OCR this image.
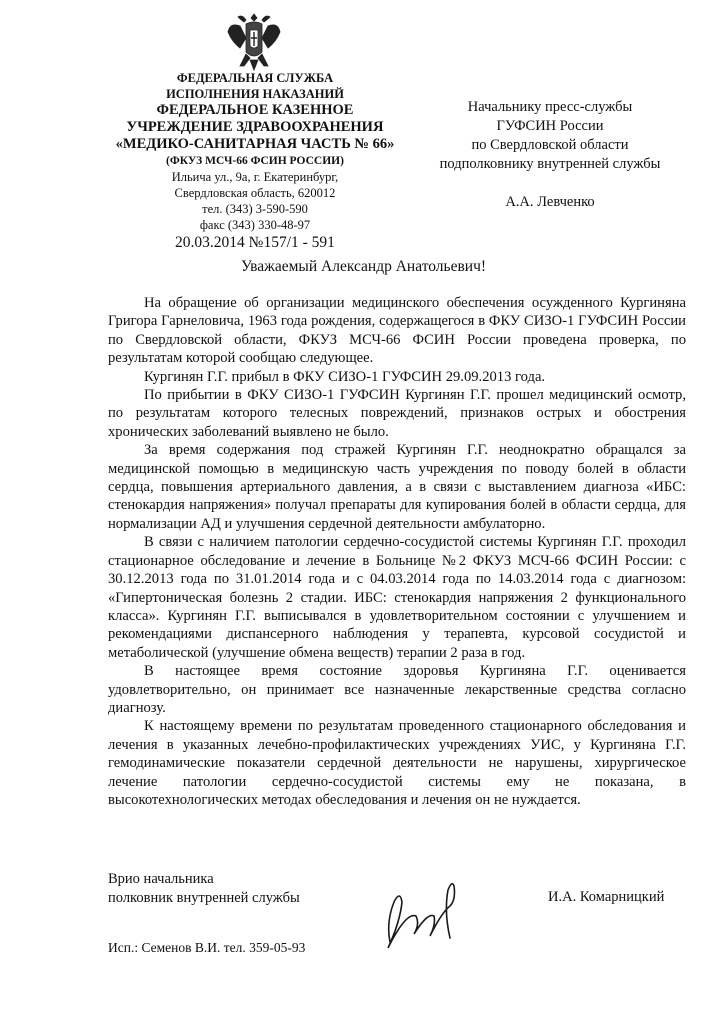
ФЕДЕРАЛЬНАЯ СЛУЖБА
ИСПОЛНЕНИЯ НАКАЗАНИЙ
ФЕДЕРАЛЬНОЕ КАЗЕННОЕ
УЧРЕЖДЕНИЕ ЗДРАВООХРАНЕНИЯ
«МЕДИКО-САНИТАРНАЯ ЧАСТЬ № 66»
(ФКУЗ МСЧ-66 ФСИН РОССИИ)
Ильича ул., 9а, г. Екатеринбург,
Свердловская область, 620012
тел. (343) 3-590-590
факс (343) 330-48-97
20.03.2014 №157/1 - 591
Начальнику пресс-службы
ГУФСИН России
по Свердловской области
подполковнику внутренней службы
А.А. Левченко
Уважаемый Александр Анатольевич!

На обращение об организации медицинского обеспечения осужденного Кургиняна Григора Гарнеловича, 1963 года рождения, содержащегося в ФКУ СИЗО-1 ГУФСИН России по Свердловской области, ФКУЗ МСЧ-66 ФСИН России проведена проверка, по результатам которой сообщаю следующее.

Кургинян Г.Г. прибыл в ФКУ СИЗО-1 ГУФСИН 29.09.2013 года.

По прибытии в ФКУ СИЗО-1 ГУФСИН Кургинян Г.Г. прошел медицинский осмотр, по результатам которого телесных повреждений, признаков острых и обострения хронических заболеваний выявлено не было.

За время содержания под стражей Кургинян Г.Г. неоднократно обращался за медицинской помощью в медицинскую часть учреждения по поводу болей в области сердца, повышения артериального давления, а в связи с выставлением диагноза «ИБС: стенокардия напряжения» получал препараты для купирования болей в области сердца, для нормализации АД и улучшения сердечной деятельности амбулаторно.

В связи с наличием патологии сердечно-сосудистой системы Кургинян Г.Г. проходил стационарное обследование и лечение в Больнице №2 ФКУЗ МСЧ-66 ФСИН России: с 30.12.2013 года по 31.01.2014 года и с 04.03.2014 года по 14.03.2014 года с диагнозом: «Гипертоническая болезнь 2 стадии. ИБС: стенокардия напряжения 2 функционального класса». Кургинян Г.Г. выписывался в удовлетворительном состоянии с улучшением и рекомендациями диспансерного наблюдения у терапевта, курсовой сосудистой и метаболической (улучшение обмена веществ) терапии 2 раза в год.

В настоящее время состояние здоровья Кургиняна Г.Г. оценивается удовлетворительно, он принимает все назначенные лекарственные средства согласно диагнозу.

К настоящему времени по результатам проведенного стационарного обследования и лечения в указанных лечебно-профилактических учреждениях УИС, у Кургиняна Г.Г. гемодинамические показатели сердечной деятельности не нарушены, хирургическое лечение патологии сердечно-сосудистой системы ему не показана, в высокотехнологических методах обеследования и лечения он не нуждается.

Врио начальника
полковник внутренней службы	И.А. Комарницкий
Исп.: Семенов В.И. тел. 359-05-93
